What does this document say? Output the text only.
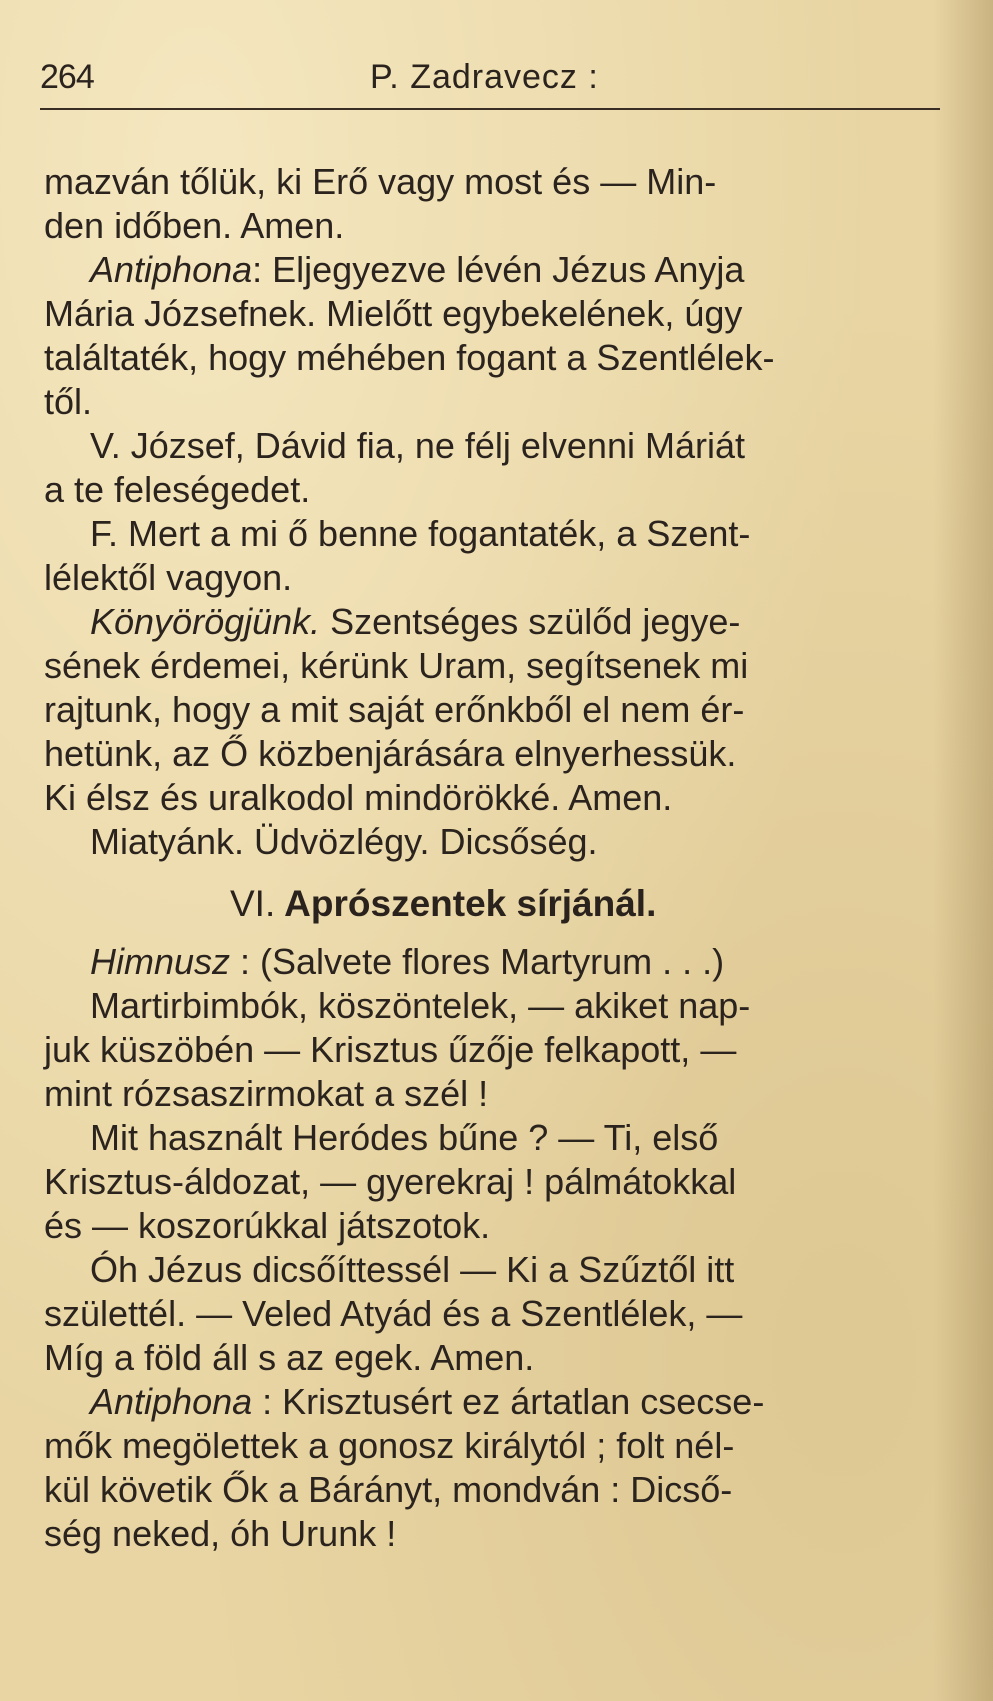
264	P. Zadravecz :
mazván tőlük, ki Erő vagy most és — Min-
den időben. Amen.
Antiphona: Eljegyezve lévén Jézus Anyja
Mária Józsefnek. Mielőtt egybekelének, úgy
találtaték, hogy méhében fogant a Szentlélek-
től.
V. József, Dávid fia, ne félj elvenni Máriát
a te feleségedet.
F. Mert a mi ő benne fogantaték, a Szent-
lélektől vagyon.
Könyörögjünk. Szentséges szülőd jegye-
sének érdemei, kérünk Uram, segítsenek mi
rajtunk, hogy a mit saját erőnkből el nem ér-
hetünk, az Ő közbenjárására elnyerhessük.
Ki élsz és uralkodol mindörökké. Amen.
Miatyánk. Üdvözlégy. Dicsőség.
VI. Aprószentek sírjánál.
Himnusz : (Salvete flores Martyrum . . .)
Martirbimbók, köszöntelek, — akiket nap-
juk küszöbén — Krisztus űzője felkapott, —
mint rózsaszirmokat a szél !
Mit használt Heródes bűne ? — Ti, első
Krisztus-áldozat, — gyerekraj ! pálmátokkal
és — koszorúkkal játszotok.
Óh Jézus dicsőíttessél — Ki a Szűztől itt
születtél. — Veled Atyád és a Szentlélek, —
Míg a föld áll s az egek. Amen.
Antiphona : Krisztusért ez ártatlan csecse-
mők megölettek a gonosz királytól ; folt nél-
kül követik Ők a Bárányt, mondván : Dicső-
ség neked, óh Urunk !
